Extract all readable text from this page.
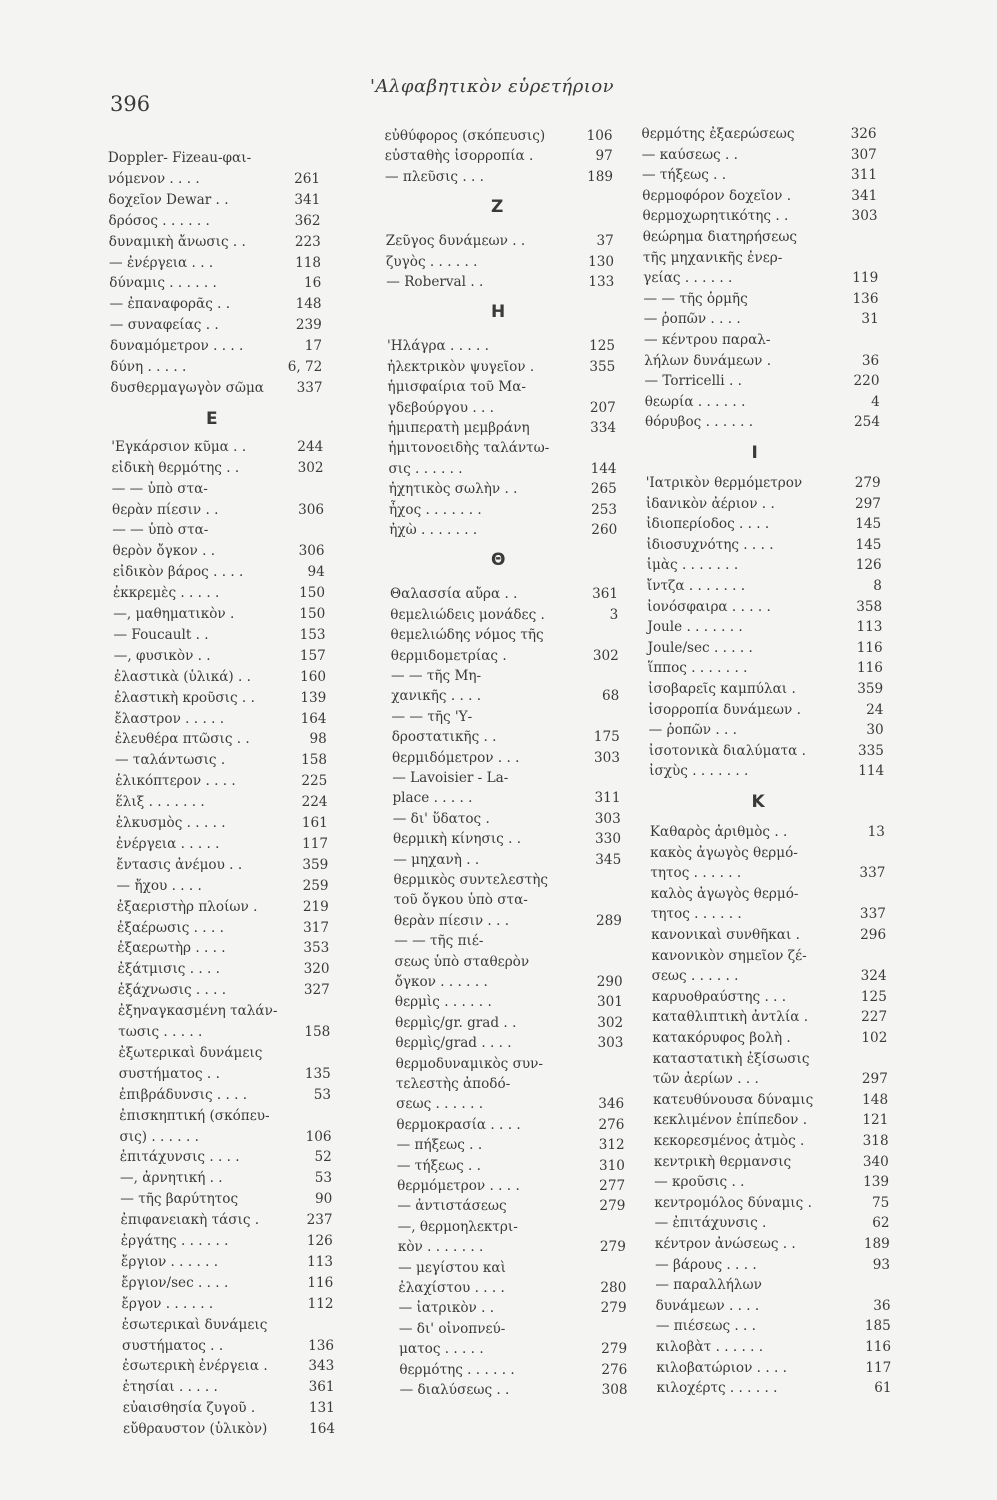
396
'Αλφαβητικὸν εὑρετήριον
Doppler- Fizeau-φαι-
νόμενον . . . .	261
δοχεῖον Dewar . .	341
δρόσος . . . . . .	362
δυναμικὴ ἄνωσις . .	223
— ἐνέργεια . . .	118
δύναμις . . . . . .	16
— ἐπαναφορᾶς . .	148
— συναφείας . .	239
δυναμόμετρον . . . .	17
δύνη . . . . .	6, 72
δυσθερμαγωγὸν σῶμα 337
E
'Εγκάρσιον κῦμα . .	244
εἰδικὴ θερμότης . .	302
— — ὑπὸ στα-
θερὰν πίεσιν . .	306
— — ὑπὸ στα-
θερὸν ὄγκον . .	306
εἰδικὸν βάρος . . . .	94
ἐκκρεμὲς . . . . .	150
—, μαθηματικὸν .	150
— Foucault . .	153
—, φυσικὸν . .	157
ἐλαστικὰ (ὑλικά) . .	160
ἐλαστικὴ κροῦσις . .	139
ἔλαστρον . . . . .	164
ἐλευθέρα πτῶσις . .	98
— ταλάντωσις .	158
ἑλικόπτερον . . . .	225
ἕλιξ . . . . . . .	224
ἑλκυσμὸς . . . . .	161
ἐνέργεια . . . . .	117
ἔντασις ἀνέμου . .	359
— ἤχου . . . .	259
ἐξαεριστὴρ πλοίων .	219
ἐξαέρωσις . . . .	317
ἐξαερωτὴρ . . . .	353
ἐξάτμισις . . . .	320
ἐξάχνωσις . . . .	327
ἐξηναγκασμένη ταλάν-
τωσις . . . . .	158
ἐξωτερικαὶ δυνάμεις
συστήματος . .	135
ἐπιβράδυνσις . . . .	53
ἐπισκηπτική (σκόπευ-
σις) . . . . . .	106
ἐπιτάχυνσις . . . .	52
—, ἀρνητική . .	53
— τῆς βαρύτητος	90
ἐπιφανειακὴ τάσις .	237
ἐργάτης . . . . . .	126
ἔργιον . . . . . .	113
ἔργιον/sec . . . .	116
ἔργον . . . . . .	112
ἐσωτερικαὶ δυνάμεις
συστήματος . .	136
ἐσωτερικὴ ἐνέργεια .	343
ἐτησίαι . . . . .	361
εὐαισθησία ζυγοῦ .	131
εὔθραυστον (ὑλικὸν)	164
εὐθύφορος (σκόπευσις)	106
εὐσταθὴς ἰσορροπία .	97
— πλεῦσις . . .	189
Z
Ζεῦγος δυνάμεων . .	37
ζυγὸς . . . . . .	130
— Roberval . .	133
H
'Ηλάγρα . . . . .	125
ἠλεκτρικὸν ψυγεῖον .	355
ἡμισφαίρια τοῦ Μα-
γδεβούργου . . .	207
ἡμιπερατὴ μεμβράνη	334
ἡμιτονοειδὴς ταλάντω-
σις . . . . . .	144
ἠχητικὸς σωλὴν . .	265
ἦχος . . . . . . .	253
ἠχὼ . . . . . . .	260
Θ
Θαλασσία αὔρα . .	361
θεμελιώδεις μονάδες .	3
θεμελιώδης νόμος τῆς
θερμιδομετρίας .	302
— — τῆς Μη-
χανικῆς . . . .	68
— — τῆς 'Υ-
δροστατικῆς . .	175
θερμιδόμετρον . . .	303
— Lavoisier - La-
place . . . . .	311
— δι' ὕδατος .	303
θερμικὴ κίνησις . .	330
— μηχανὴ . .	345
θερμικὸς συντελεστὴς
τοῦ ὄγκου ὑπὸ στα-
θερὰν πίεσιν . . .	289
— — τῆς πιέ-
σεως ὑπὸ σταθερὸν
ὄγκον . . . . . .	290
θερμὶς . . . . . .	301
θερμὶς/gr. grad . .	302
θερμὶς/grad . . . .	303
θερμοδυναμικὸς συν-
τελεστὴς ἀποδό-
σεως . . . . . .	346
θερμοκρασία . . . .	276
— πήξεως . .	312
— τήξεως . .	310
θερμόμετρον . . . .	277
— ἀντιστάσεως	279
—, θερμοηλεκτρι-
κὸν . . . . . . .	279
— μεγίστου καὶ
ἐλαχίστου . . . .	280
— ἰατρικὸν . .	279
— δι' οἰνοπνεύ-
ματος . . . . .	279
θερμότης . . . . . .	276
— διαλύσεως . .	308
θερμότης ἐξαερώσεως	326
— καύσεως . .	307
— τήξεως . .	311
θερμοφόρον δοχεῖον .	341
θερμοχωρητικότης . .	303
θεώρημα διατηρήσεως
τῆς μηχανικῆς ἐνερ-
γείας . . . . . .	119
— — τῆς ὁρμῆς	136
— ῥοπῶν . . . .	31
— κέντρου παραλ-
λήλων δυνάμεων .	36
— Torricelli . .	220
θεωρία . . . . . .	4
θόρυβος . . . . . .	254
I
'Ιατρικὸν θερμόμετρον	279
ἰδανικὸν ἀέριον . .	297
ἰδιοπερίοδος . . . .	145
ἰδιοσυχνότης . . . .	145
ἱμὰς . . . . . . .	126
ἴντζα . . . . . . .	8
ἰονόσφαιρα . . . . .	358
Joule . . . . . . .	113
Joule/sec . . . . .	116
ἵππος . . . . . . .	116
ἰσοβαρεῖς καμπύλαι .	359
ἰσορροπία δυνάμεων .	24
— ῥοπῶν . . .	30
ἰσοτονικὰ διαλύματα .	335
ἰσχὺς . . . . . . .	114
K
Καθαρὸς ἀριθμὸς . .	13
κακὸς ἀγωγὸς θερμό-
τητος . . . . . .	337
καλὸς ἀγωγὸς θερμό-
τητος . . . . . .	337
κανονικαὶ συνθῆκαι .	296
κανονικὸν σημεῖον ζέ-
σεως . . . . . .	324
καρυοθραύστης . . .	125
καταθλιπτικὴ ἀντλία .	227
κατακόρυφος βολὴ .	102
καταστατικὴ ἐξίσωσις
τῶν ἀερίων . . .	297
κατευθύνουσα δύναμις	148
κεκλιμένον ἐπίπεδον .	121
κεκορεσμένος ἀτμὸς .	318
κεντρικὴ θερμανσις	340
— κροῦσις . .	139
κεντρομόλος δύναμις .	75
— ἐπιτάχυνσις .	62
κέντρον ἀνώσεως . .	189
— βάρους . . . .	93
— παραλλήλων
δυνάμεων . . . .	36
— πιέσεως . . .	185
κιλοβὰτ . . . . . .	116
κιλοβατώριον . . . .	117
κιλοχέρτς . . . . . .	61
